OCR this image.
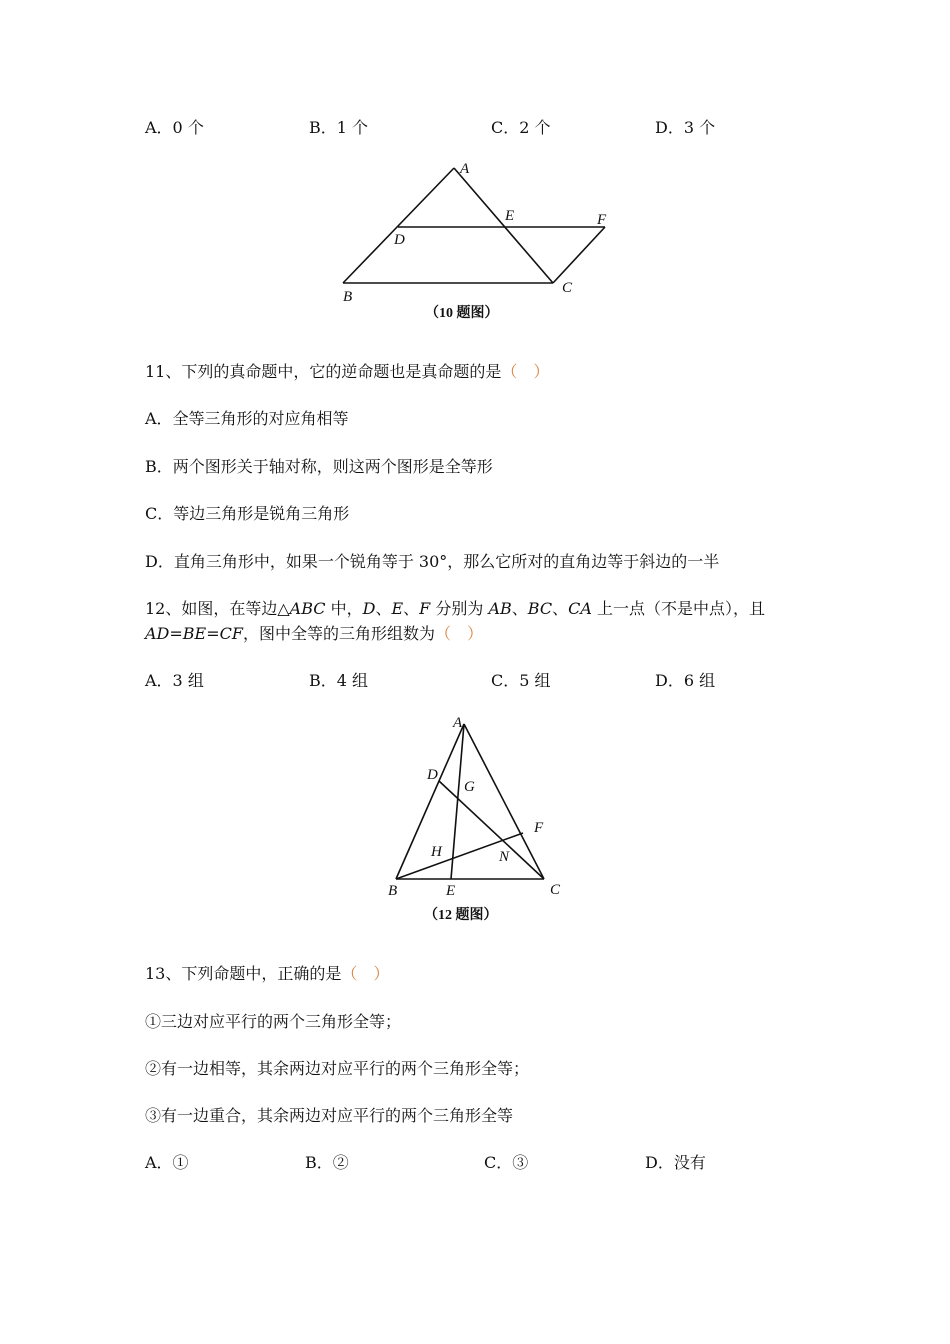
A．0 个	B．1 个	C．2 个	D．3 个
A
B
C
D
E	F
（10 题图）
11、下列的真命题中，它的逆命题也是真命题的是（　）
A．全等三角形的对应角相等
B．两个图形关于轴对称，则这两个图形是全等形
C．等边三角形是锐角三角形
D．直角三角形中，如果一个锐角等于 30°，那么它所对的直角边等于斜边的一半
12、如图，在等边△ABC 中，D、E、F 分别为 AB、BC、CA 上一点（不是中点），且
AD=BE=CF，图中全等的三角形组数为（　）
A．3 组	B．4 组	C．5 组	D．6 组
A
B	C
D
E
F
G
H	N
（12 题图）
13、下列命题中，正确的是（　）
①三边对应平行的两个三角形全等；
②有一边相等，其余两边对应平行的两个三角形全等；
③有一边重合，其余两边对应平行的两个三角形全等
A．①	B．②	C．③	D．没有
